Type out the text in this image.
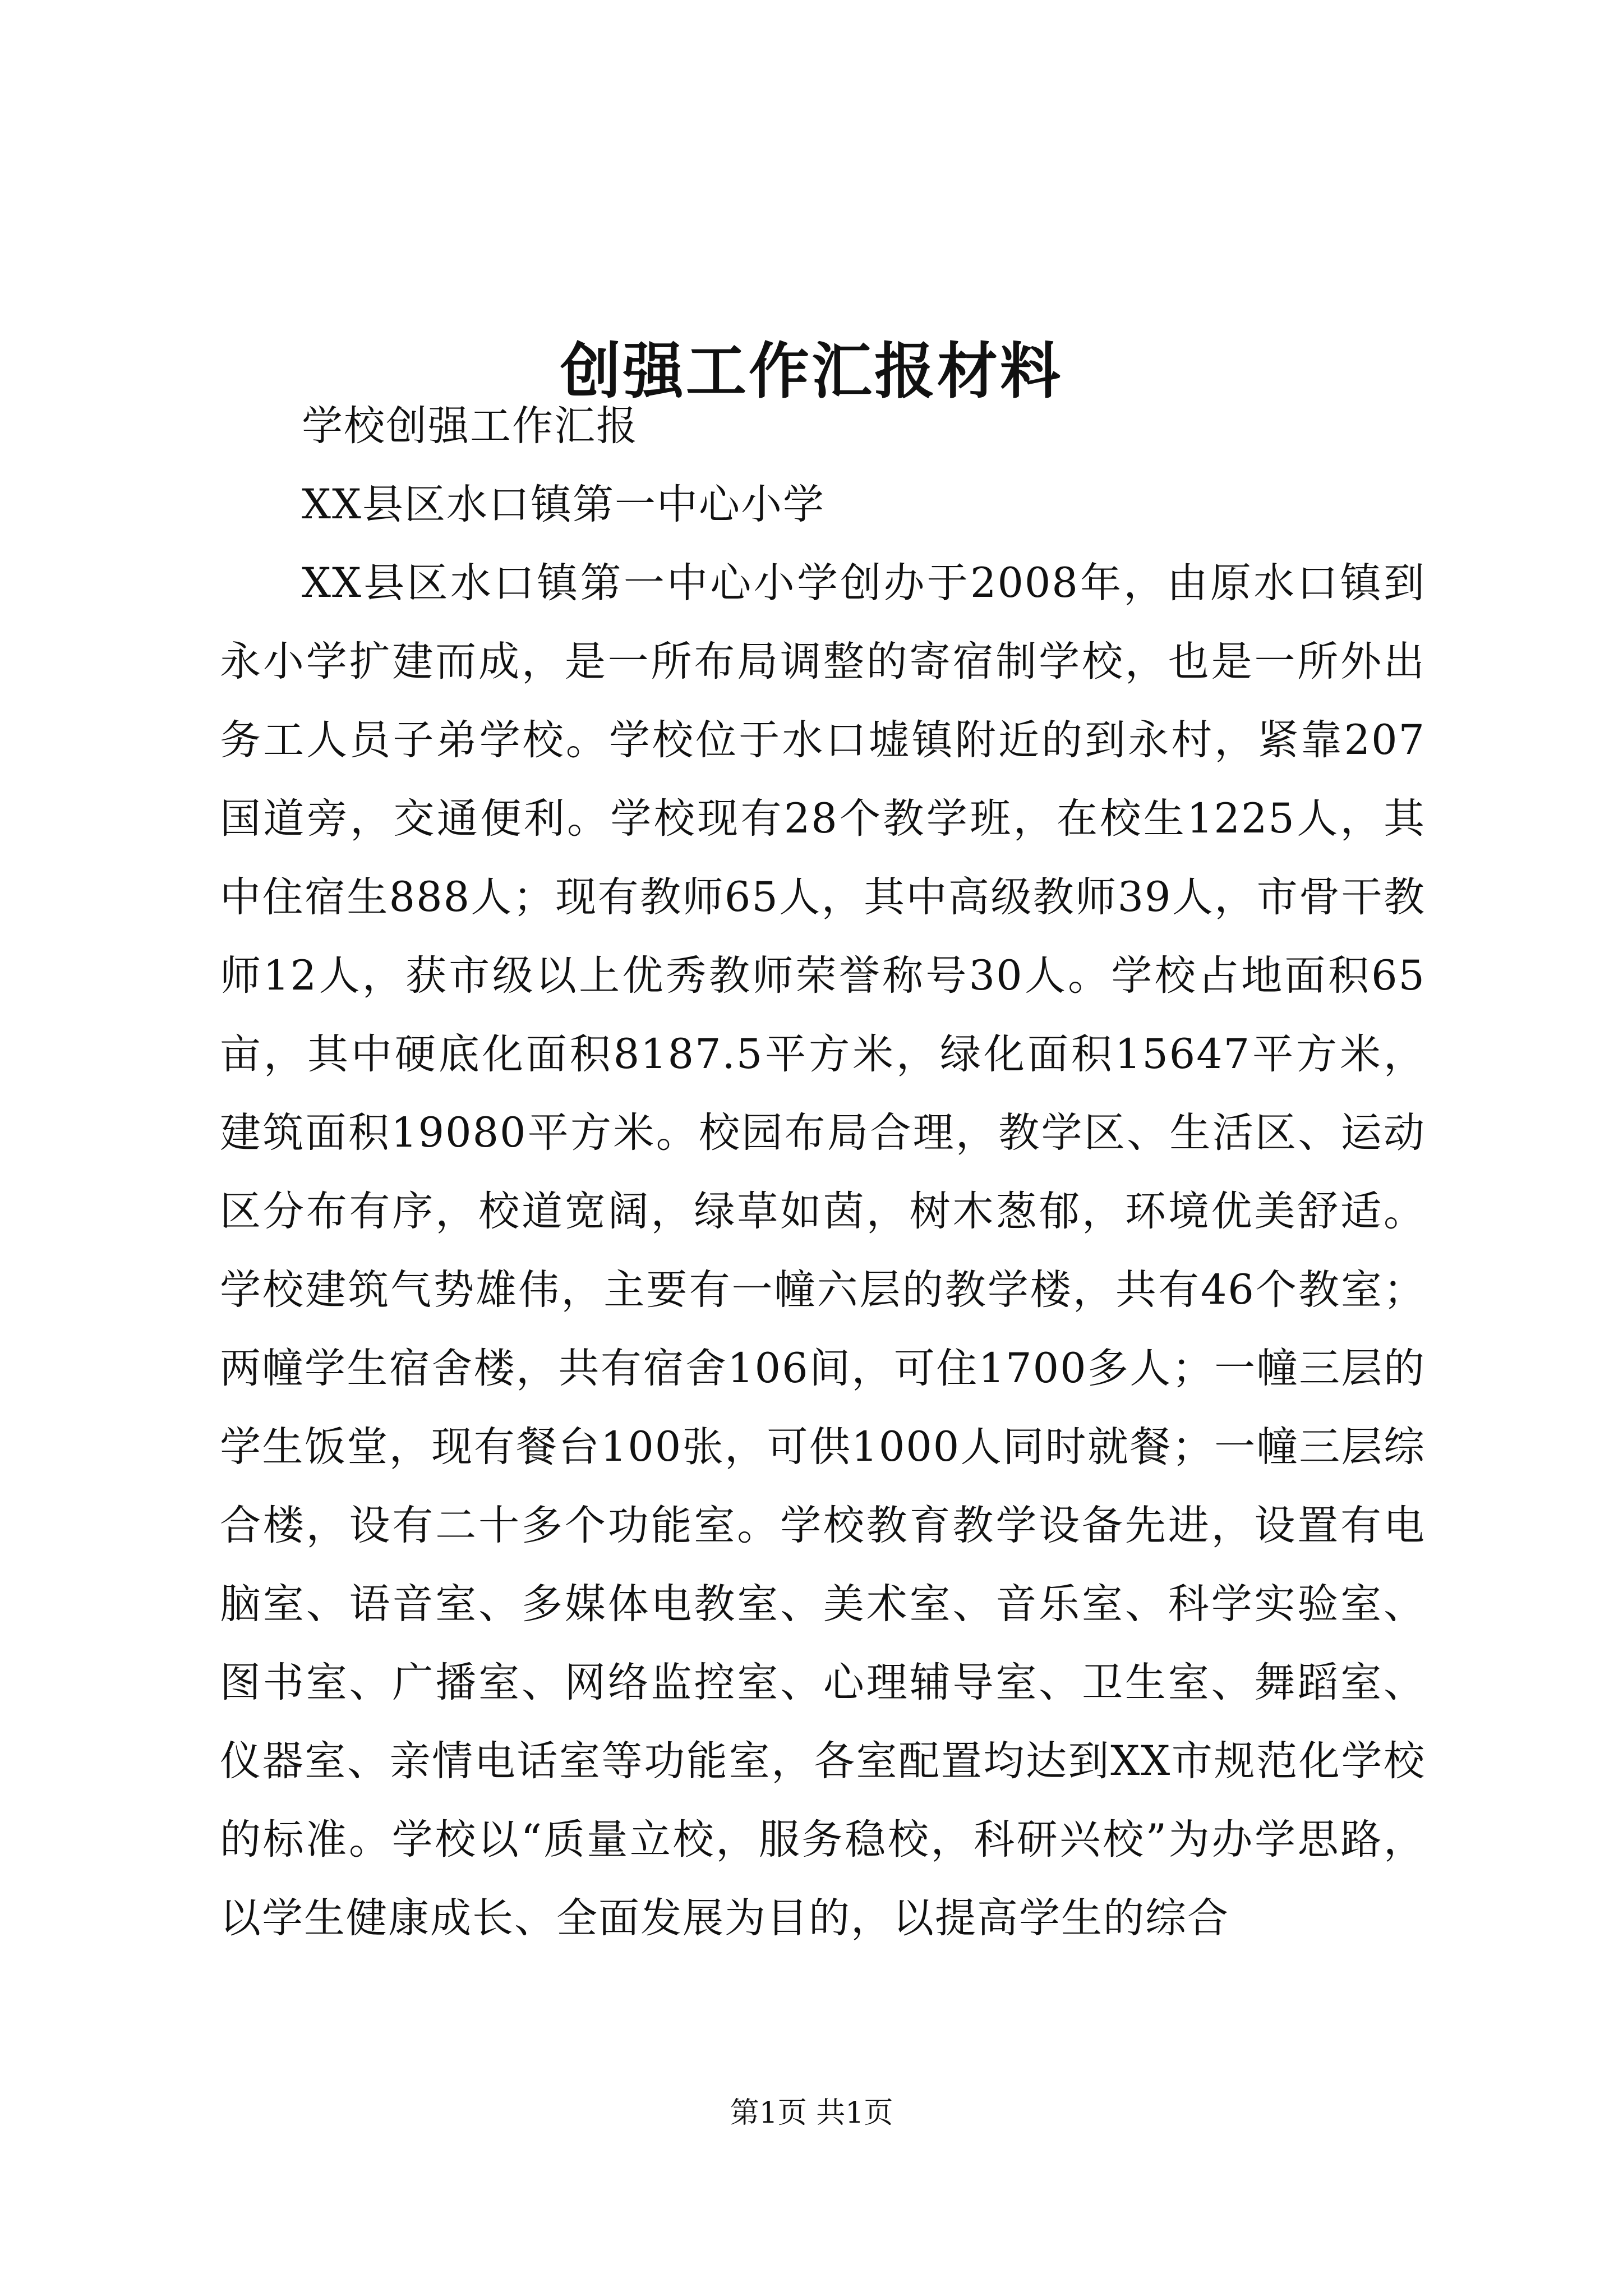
创强工作汇报材料

学校创强工作汇报

XX县区水口镇第一中心小学

XX县区水口镇第一中心小学创办于2008年，由原水口镇到永小学扩建而成，是一所布局调整的寄宿制学校，也是一所外出务工人员子弟学校。学校位于水口墟镇附近的到永村，紧靠207国道旁，交通便利。学校现有28个教学班，在校生1225人，其中住宿生888人；现有教师65人，其中高级教师39人，市骨干教师12人，获市级以上优秀教师荣誉称号30人。学校占地面积65亩，其中硬底化面积8187.5平方米，绿化面积15647平方米，建筑面积19080平方米。校园布局合理，教学区、生活区、运动区分布有序，校道宽阔，绿草如茵，树木葱郁，环境优美舒适。学校建筑气势雄伟，主要有一幢六层的教学楼，共有46个教室；两幢学生宿舍楼，共有宿舍106间，可住1700多人；一幢三层的学生饭堂，现有餐台100张，可供1000人同时就餐；一幢三层综合楼，设有二十多个功能室。学校教育教学设备先进，设置有电脑室、语音室、多媒体电教室、美术室、音乐室、科学实验室、图书室、广播室、网络监控室、心理辅导室、卫生室、舞蹈室、仪器室、亲情电话室等功能室，各室配置均达到XX市规范化学校的标准。学校以“质量立校，服务稳校，科研兴校”为办学思路，以学生健康成长、全面发展为目的，以提高学生的综合

第1页 共1页
